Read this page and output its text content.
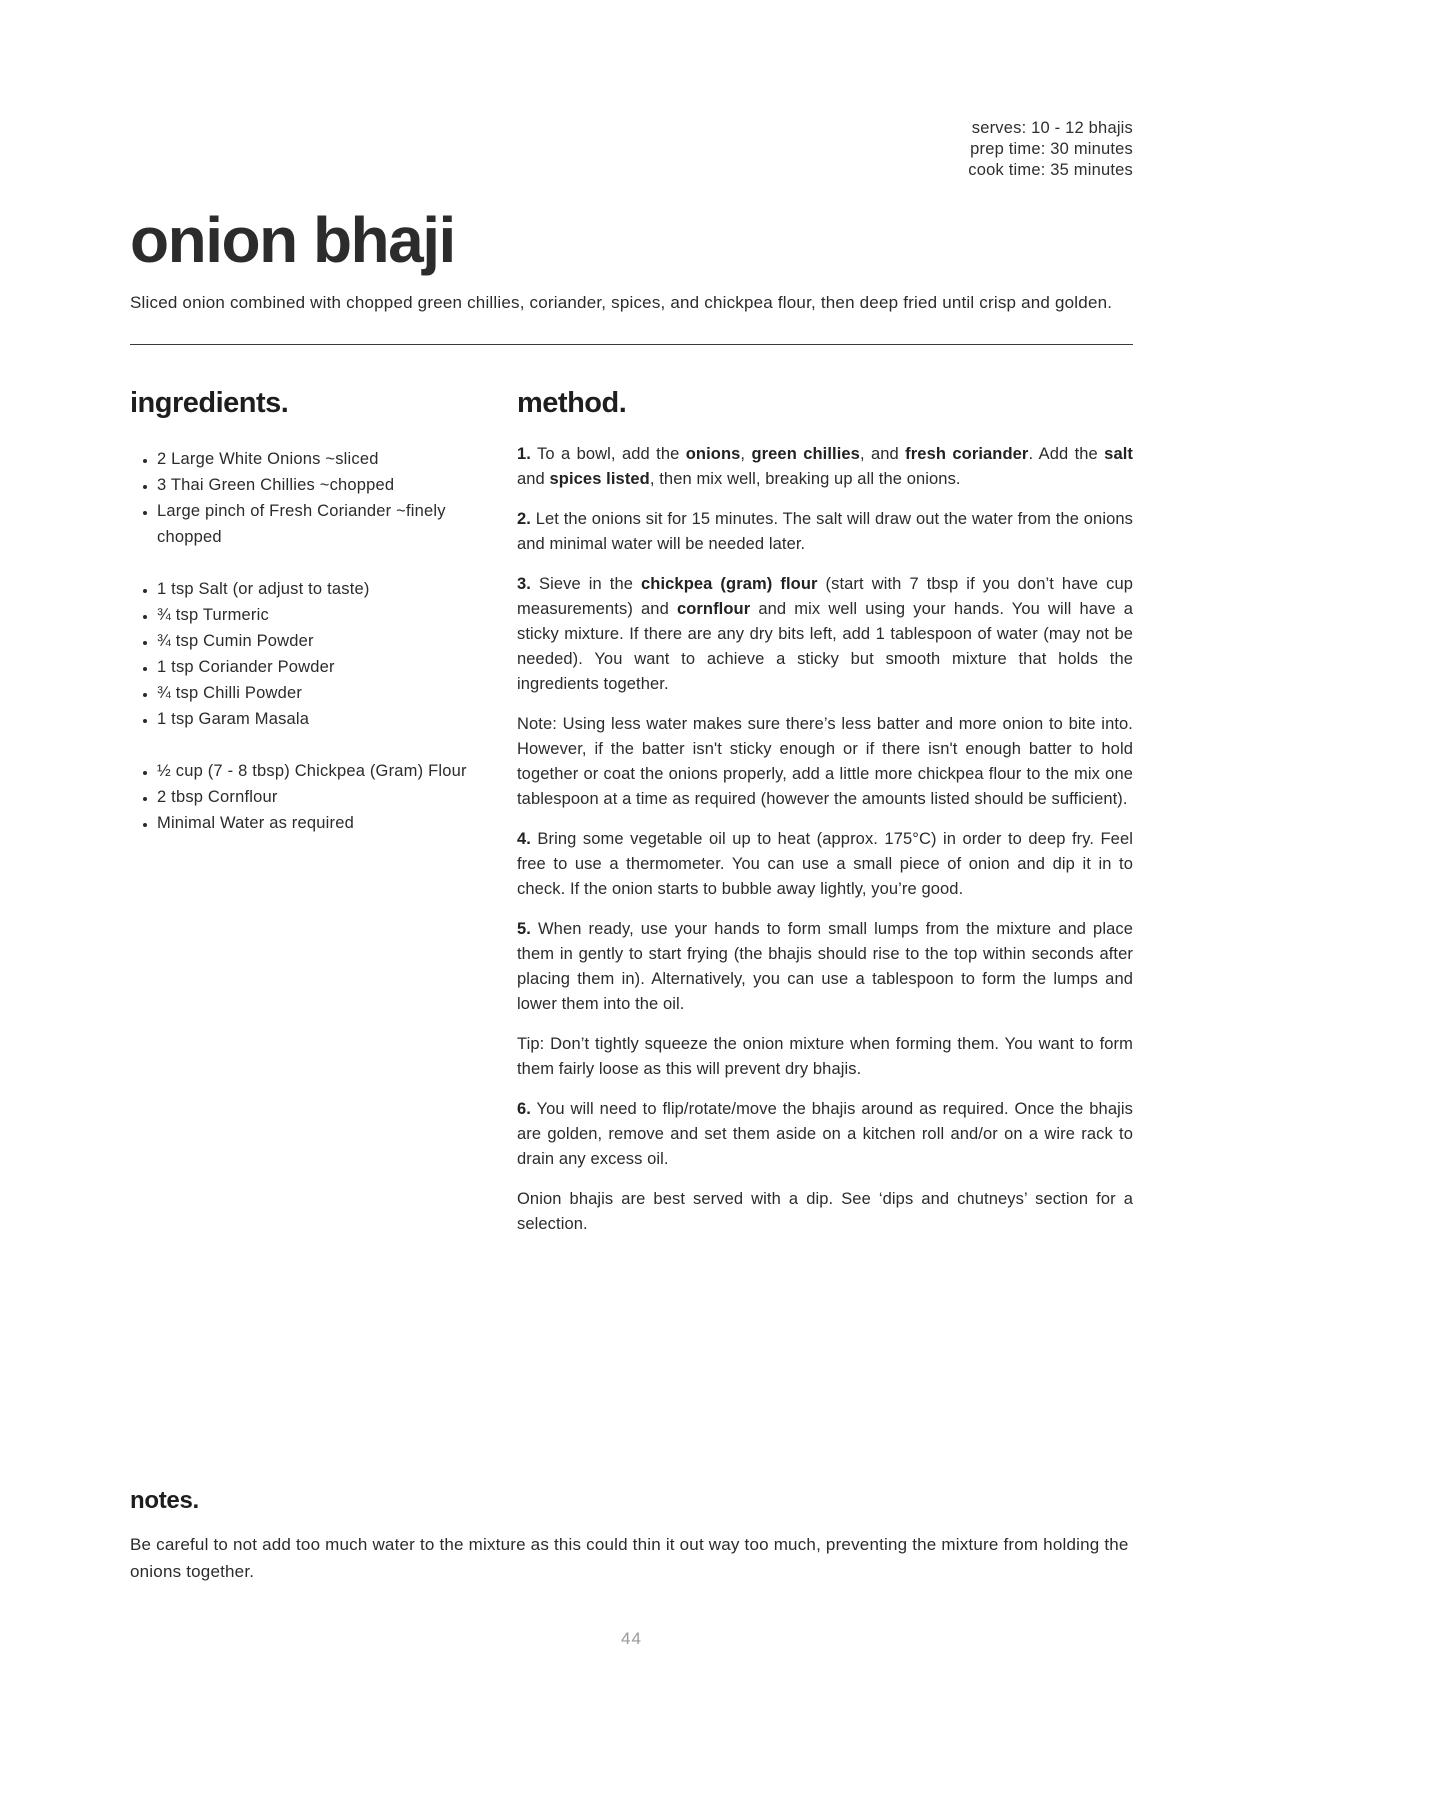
serves: 10 - 12 bhajis
prep time: 30 minutes
cook time: 35 minutes
onion bhaji

Sliced onion combined with chopped green chillies, coriander, spices, and chickpea flour, then deep fried until crisp and golden.

ingredients.
• 2 Large White Onions ~sliced
• 3 Thai Green Chillies ~chopped
• Large pinch of Fresh Coriander ~finely chopped
• 1 tsp Salt (or adjust to taste)
• ¾ tsp Turmeric
• ¾ tsp Cumin Powder
• 1 tsp Coriander Powder
• ¾ tsp Chilli Powder
• 1 tsp Garam Masala
• ½ cup (7 - 8 tbsp) Chickpea (Gram) Flour
• 2 tbsp Cornflour
• Minimal Water as required
method.

1. To a bowl, add the onions, green chillies, and fresh coriander. Add the salt and spices listed, then mix well, breaking up all the onions.

2. Let the onions sit for 15 minutes. The salt will draw out the water from the onions and minimal water will be needed later.

3. Sieve in the chickpea (gram) flour (start with 7 tbsp if you don’t have cup measurements) and cornflour and mix well using your hands. You will have a sticky mixture. If there are any dry bits left, add 1 tablespoon of water (may not be needed). You want to achieve a sticky but smooth mixture that holds the ingredients together.

Note: Using less water makes sure there’s less batter and more onion to bite into. However, if the batter isn't sticky enough or if there isn't enough batter to hold together or coat the onions properly, add a little more chickpea flour to the mix one tablespoon at a time as required (however the amounts listed should be sufficient).

4. Bring some vegetable oil up to heat (approx. 175°C) in order to deep fry. Feel free to use a thermometer. You can use a small piece of onion and dip it in to check. If the onion starts to bubble away lightly, you’re good.

5. When ready, use your hands to form small lumps from the mixture and place them in gently to start frying (the bhajis should rise to the top within seconds after placing them in). Alternatively, you can use a tablespoon to form the lumps and lower them into the oil.

Tip: Don’t tightly squeeze the onion mixture when forming them. You want to form them fairly loose as this will prevent dry bhajis.

6. You will need to flip/rotate/move the bhajis around as required. Once the bhajis are golden, remove and set them aside on a kitchen roll and/or on a wire rack to drain any excess oil.

Onion bhajis are best served with a dip. See ‘dips and chutneys’ section for a selection.

notes.

Be careful to not add too much water to the mixture as this could thin it out way too much, preventing the mixture from holding the onions together.

44
